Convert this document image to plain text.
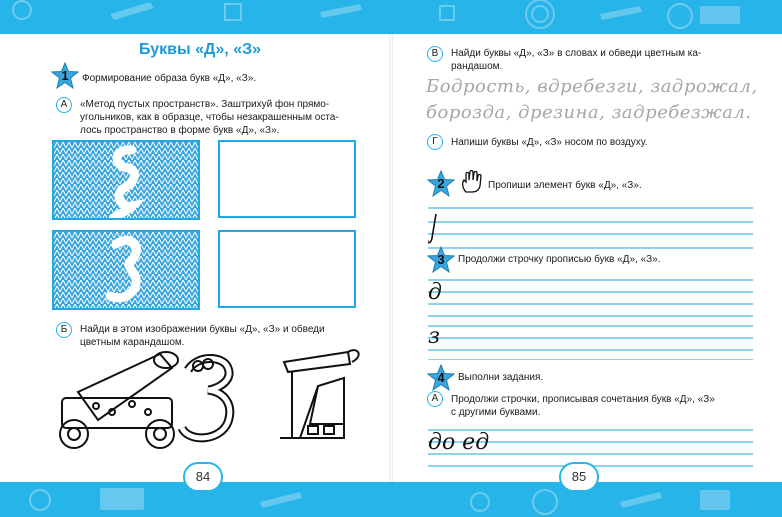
Буквы «Д», «З»
1	Формирование образа букв «Д», «З».
А	«Метод пустых пространств». Заштрихуй фон прямо-
угольников, как в образце, чтобы незакрашенным оста-
лось пространство в форме букв «Д», «З».
Б	Найди в этом изображении буквы «Д», «З» и обведи
цветным карандашом.
84
В	Найди буквы «Д», «З» в словах и обведи цветным ка-
рандашом.
Бодрость, вдребезги, задрожал,
борозда, дрезина, задребезжал.
Г	Напиши буквы «Д», «З» носом по воздуху.
2	Пропиши элемент букв «Д», «З».
3	Продолжи строчку прописью букв «Д», «З».
д
з
4	Выполни задания.
А	Продолжи строчки, прописывая сочетания букв «Д», «З»
с другими буквами.
до ед
85
